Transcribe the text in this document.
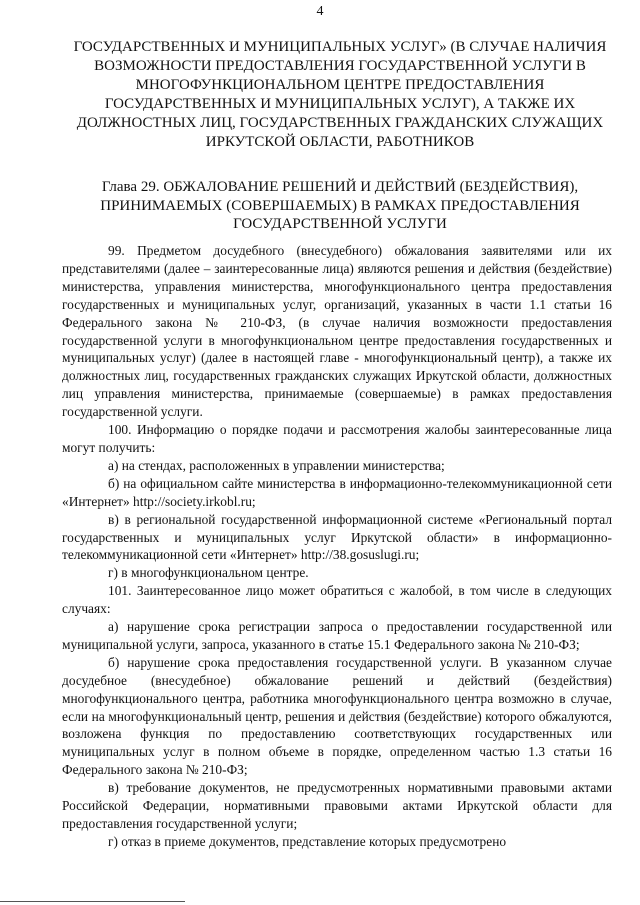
4
ГОСУДАРСТВЕННЫХ И МУНИЦИПАЛЬНЫХ УСЛУГ» (В СЛУЧАЕ НАЛИЧИЯ
ВОЗМОЖНОСТИ ПРЕДОСТАВЛЕНИЯ ГОСУДАРСТВЕННОЙ УСЛУГИ В
МНОГОФУНКЦИОНАЛЬНОМ ЦЕНТРЕ ПРЕДОСТАВЛЕНИЯ
ГОСУДАРСТВЕННЫХ И МУНИЦИПАЛЬНЫХ УСЛУГ), А ТАКЖЕ ИХ
ДОЛЖНОСТНЫХ ЛИЦ, ГОСУДАРСТВЕННЫХ ГРАЖДАНСКИХ СЛУЖАЩИХ
ИРКУТСКОЙ ОБЛАСТИ, РАБОТНИКОВ
Глава 29. ОБЖАЛОВАНИЕ РЕШЕНИЙ И ДЕЙСТВИЙ (БЕЗДЕЙСТВИЯ),
ПРИНИМАЕМЫХ (СОВЕРШАЕМЫХ) В РАМКАХ ПРЕДОСТАВЛЕНИЯ
ГОСУДАРСТВЕННОЙ УСЛУГИ

99. Предметом досудебного (внесудебного) обжалования заявителями или их представителями (далее – заинтересованные лица) являются решения и действия (бездействие) министерства, управления министерства, многофункционального центра предоставления государственных и муниципальных услуг, организаций, указанных в части 1.1 статьи 16 Федерального закона № 210-ФЗ, (в случае наличия возможности предоставления государственной услуги в многофункциональном центре предоставления государственных и муниципальных услуг) (далее в настоящей главе - многофункциональный центр), а также их должностных лиц, государственных гражданских служащих Иркутской области, должностных лиц управления министерства, принимаемые (совершаемые) в рамках предоставления государственной услуги.

100. Информацию о порядке подачи и рассмотрения жалобы заинтересованные лица могут получить:

а) на стендах, расположенных в управлении министерства;

б) на официальном сайте министерства в информационно-телекоммуникационной сети «Интернет» http://society.irkobl.ru;

в) в региональной государственной информационной системе «Региональный портал государственных и муниципальных услуг Иркутской области» в информационно-телекоммуникационной сети «Интернет» http://38.gosuslugi.ru;

г) в многофункциональном центре.

101. Заинтересованное лицо может обратиться с жалобой, в том числе в следующих случаях:

а) нарушение срока регистрации запроса о предоставлении государственной или муниципальной услуги, запроса, указанного в статье 15.1 Федерального закона № 210-ФЗ;

б) нарушение срока предоставления государственной услуги. В указанном случае досудебное (внесудебное) обжалование решений и действий (бездействия) многофункционального центра, работника многофункционального центра возможно в случае, если на многофункциональный центр, решения и действия (бездействие) которого обжалуются, возложена функция по предоставлению соответствующих государственных или муниципальных услуг в полном объеме в порядке, определенном частью 1.3 статьи 16 Федерального закона № 210-ФЗ;

в) требование документов, не предусмотренных нормативными правовыми актами Российской Федерации, нормативными правовыми актами Иркутской области для предоставления государственной услуги;

г) отказ в приеме документов, представление которых предусмотрено
